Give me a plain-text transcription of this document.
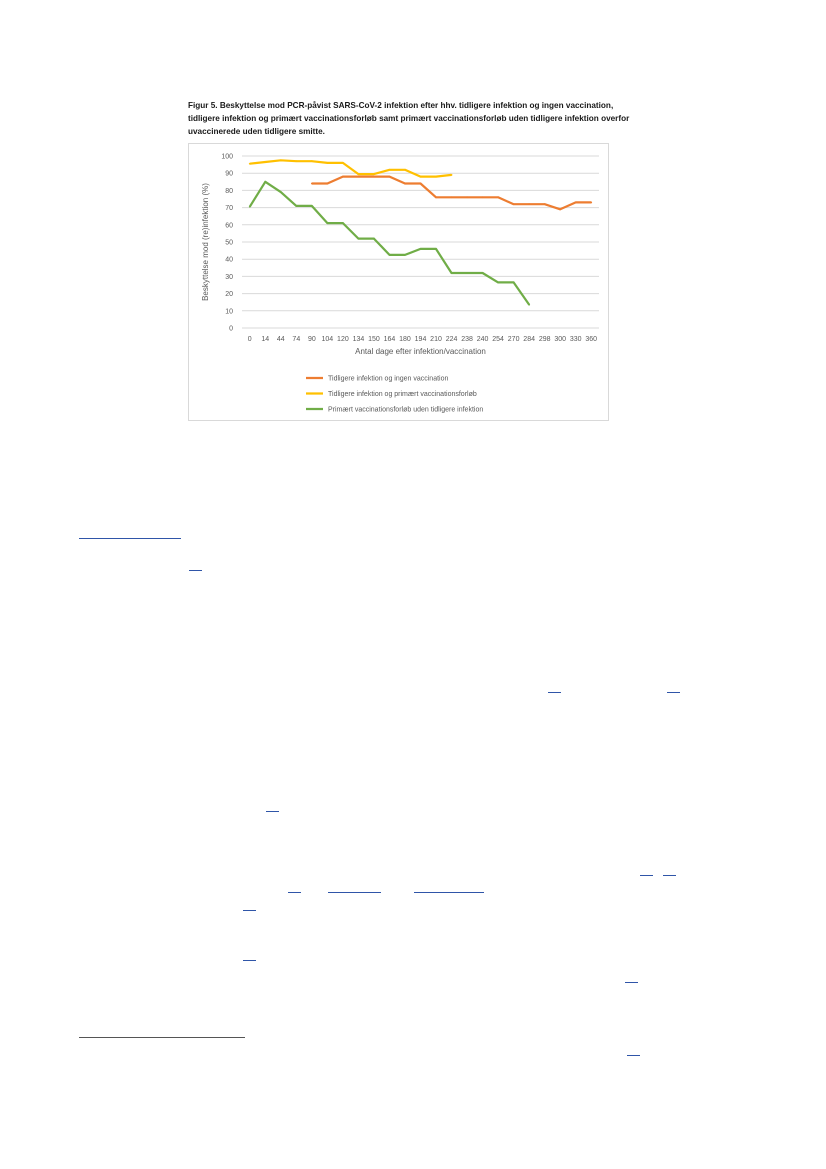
Figur 5. Beskyttelse mod PCR-påvist SARS-CoV-2 infektion efter hhv. tidligere infektion og ingen vaccination,
tidligere infektion og primært vaccinationsforløb samt primært vaccinationsforløb uden tidligere infektion overfor
uvaccinerede uden tidligere smitte.
0
10
20
30
40
50
60
70
80
90
100
0 14 44 74 90 104 120 134 150 164 180 194 210 224 238 240 254 270 284 298 300 330 360
Antal dage efter infektion/vaccination
Beskyttelse mod (re)infektion (%)
Tidligere infektion og ingen vaccination
Tidligere infektion og primært vaccinationsforløb
Primært vaccinationsforløb uden tidligere infektion
